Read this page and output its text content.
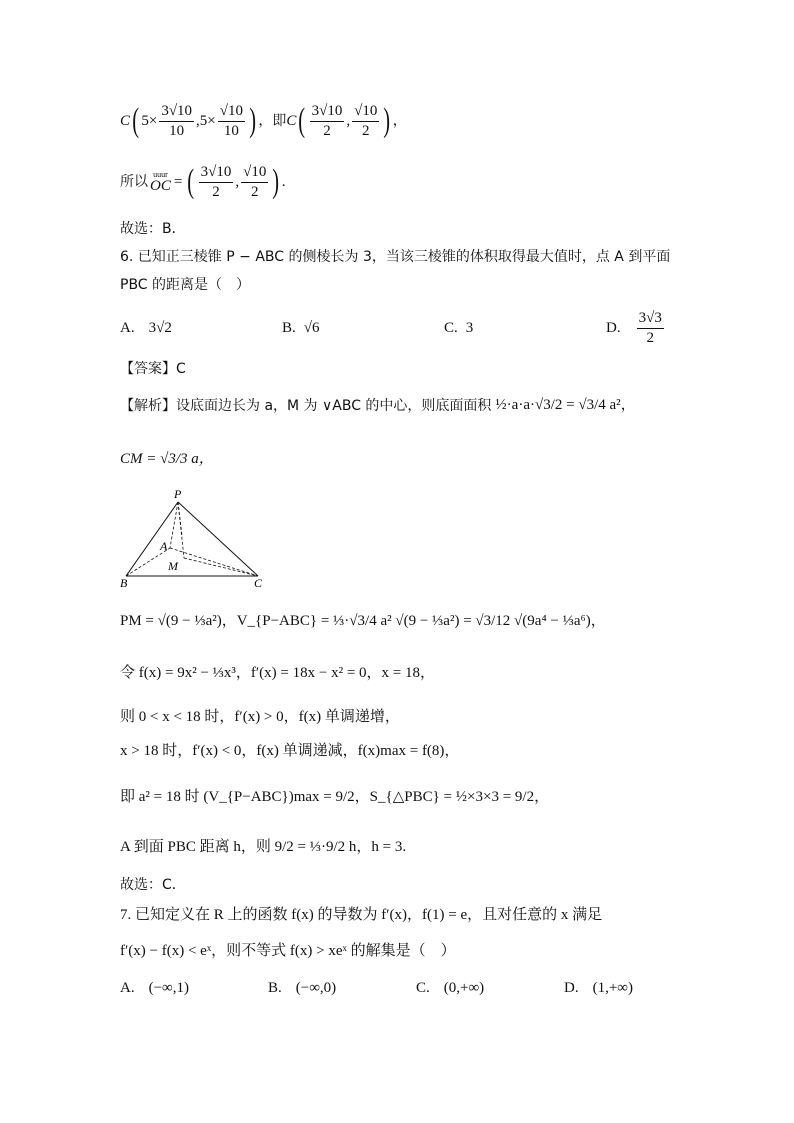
C ( $5\times \frac{3√10}{10}$ , $5\times \frac{√10}{10}$ ) ，即 C ( $\frac{3√10}{2}$ , $\frac{√10}{2}$ ) ，
所以 uuur
OC = ( $\frac{3√10}{2}$ , $\frac{√10}{2}$ ) .
故选：B．
6. 已知正三棱锥 P − ABC 的侧棱长为 3，当该三棱锥的体积取得最大值时，点 A 到平面
PBC 的距离是（　）
A. 3√2	B. √6	C. 3	D. $\frac{3√3}{2}$
【答案】C
【解析】 设底面边长为 a，M 为 ∨ABC 的中心，则底面面积 ½·a·a·√3/2 = √3/4 a²，
CM = √3/3 a，
P
A
M
B	C
PM = √(9 − ⅓a²)，V_{P−ABC} = ⅓·√3/4 a² √(9 − ⅓a²) = √3/12 √(9a⁴ − ⅓a⁶)，
令 f(x) = 9x² − ⅓x³，f′(x) = 18x − x² = 0，x = 18，
则 0 < x < 18 时，f′(x) > 0，f(x) 单调递增，
x > 18 时，f′(x) < 0，f(x) 单调递减，f(x)max = f(8)，
即 a² = 18 时 (V_{P−ABC})max = 9/2，S_{△PBC} = ½×3×3 = 9/2，
A 到面 PBC 距离 h，则 9/2 = ⅓·9/2 h，h = 3.
故选：C．
7. 已知定义在 R 上的函数 f(x) 的导数为 f′(x)，f(1) = e，且对任意的 x 满足
f′(x) − f(x) < eˣ，则不等式 f(x) > xeˣ 的解集是（　）
A. (−∞,1)	B. (−∞,0)	C. (0,+∞)	D. (1,+∞)
